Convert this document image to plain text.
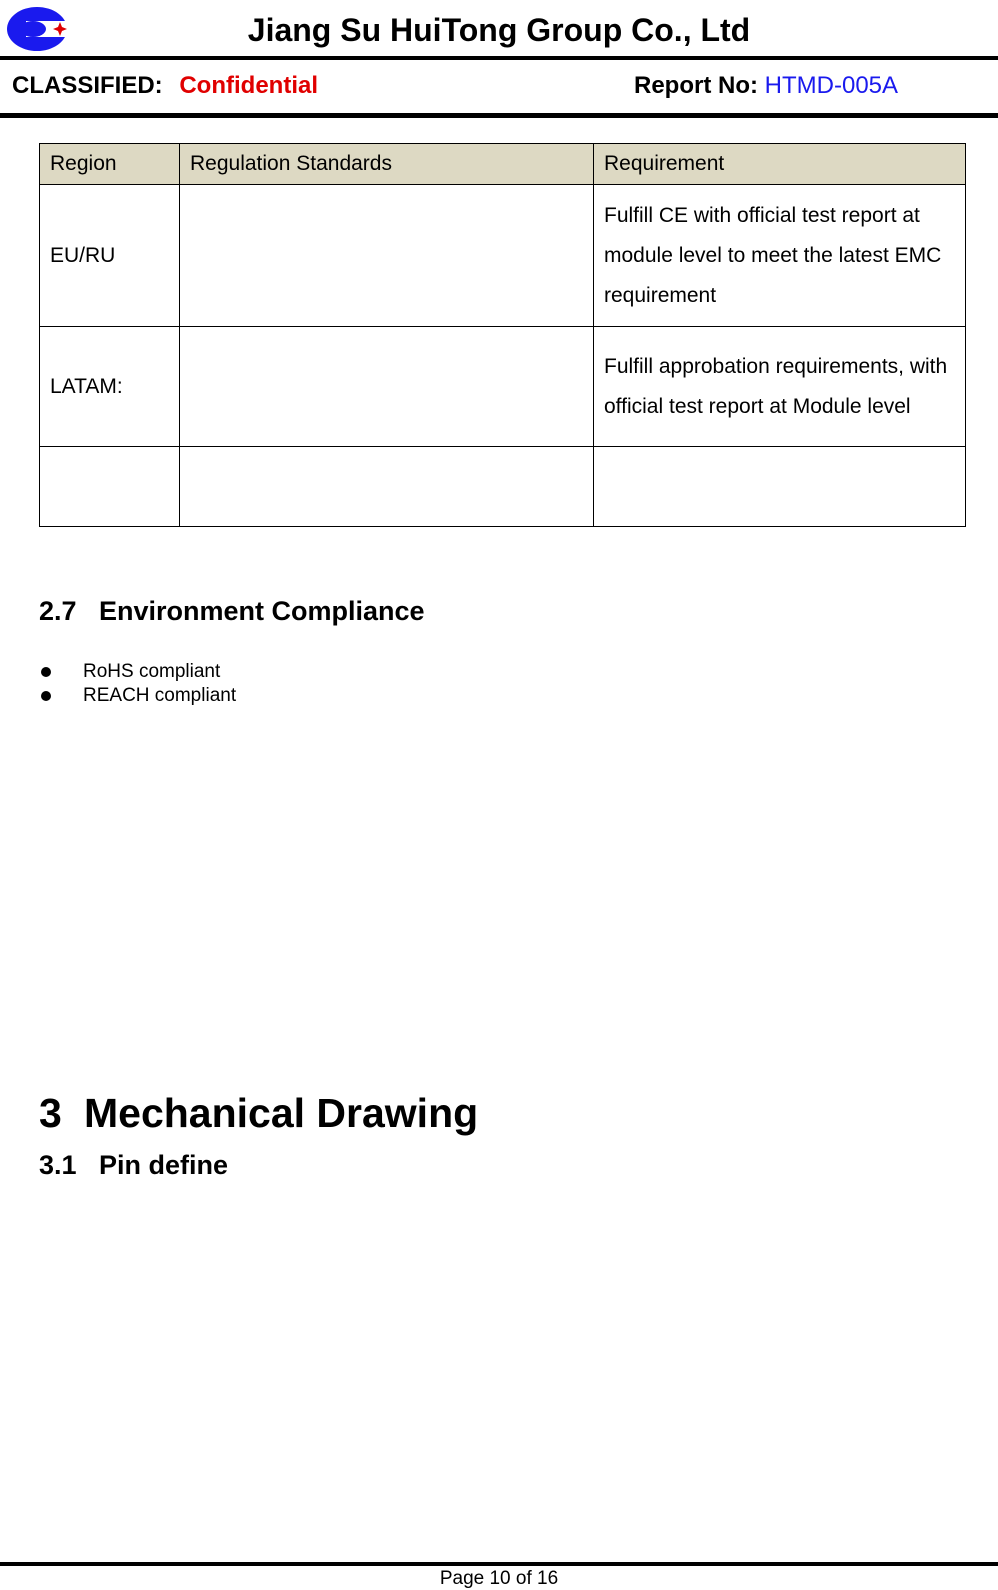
Jiang Su HuiTong Group Co., Ltd
CLASSIFIED: Confidential	Report No: HTMD-005A
Region	Regulation Standards	Requirement
EU/RU		Fulfill CE with official test report at module level to meet the latest EMC requirement
LATAM:		Fulfill approbation requirements, with official test report at Module level

2.7 Environment Compliance
RoHS compliant
REACH compliant
3 Mechanical Drawing
3.1 Pin define
Page 10 of 16
